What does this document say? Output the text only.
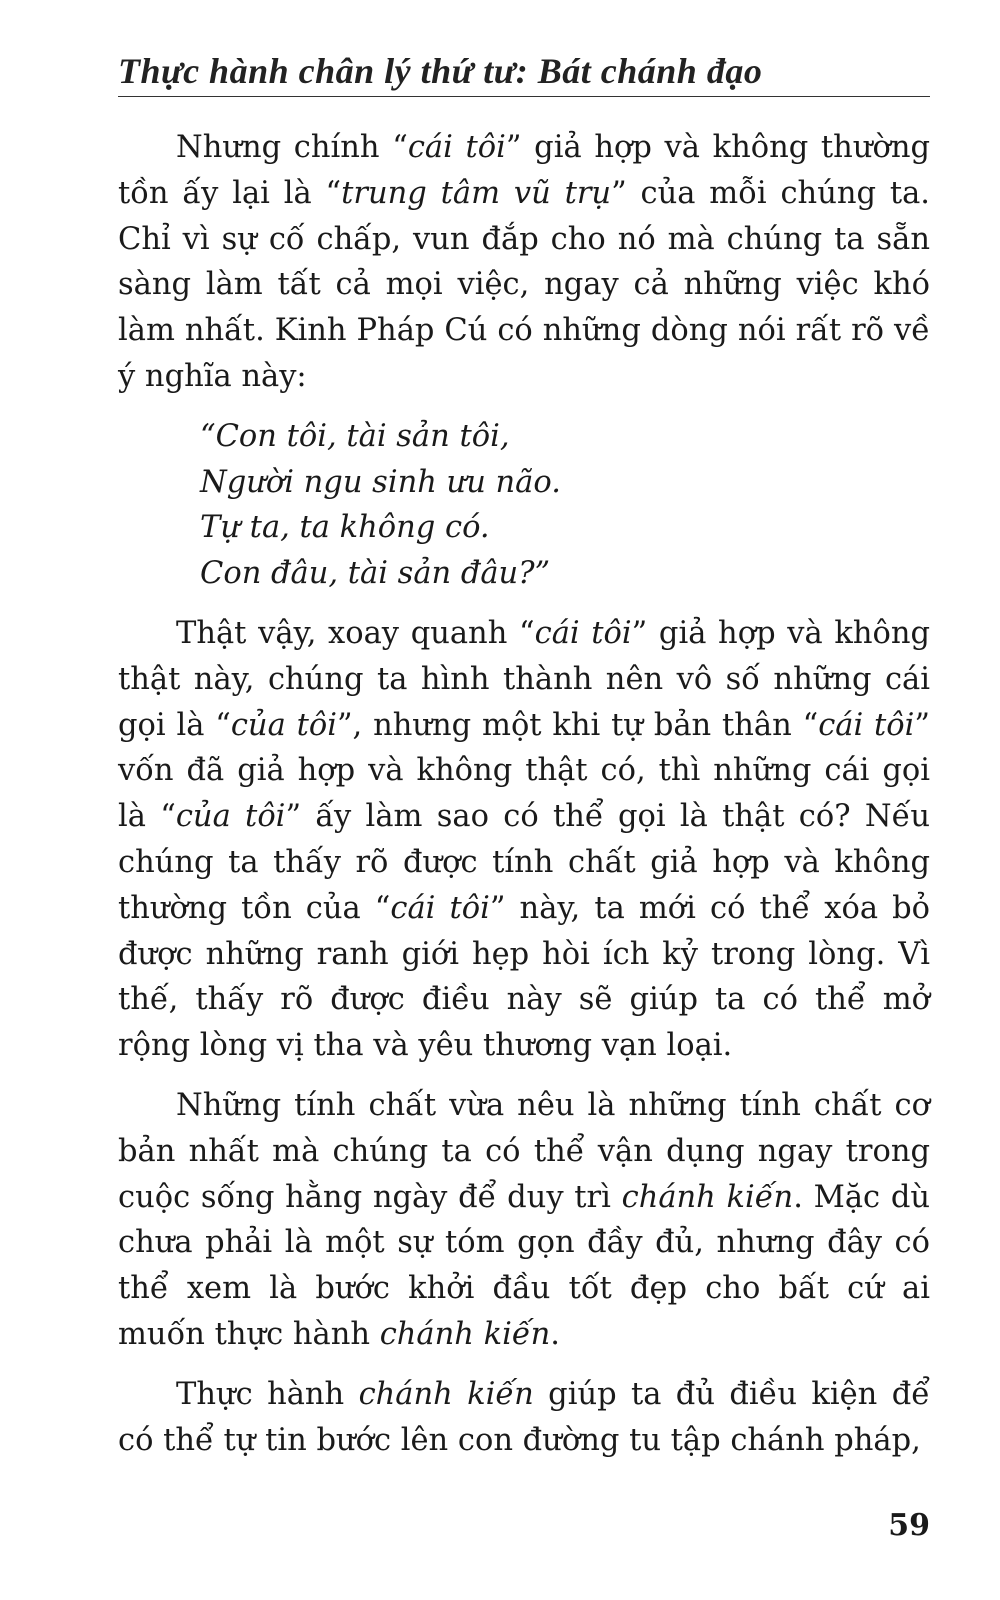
Thực hành chân lý thứ tư: Bát chánh đạo

Nhưng chính “cái tôi” giả hợp và không thường tồn ấy lại là “trung tâm vũ trụ” của mỗi chúng ta. Chỉ vì sự cố chấp, vun đắp cho nó mà chúng ta sẵn sàng làm tất cả mọi việc, ngay cả những việc khó làm nhất. Kinh Pháp Cú có những dòng nói rất rõ về ý nghĩa này:

“Con tôi, tài sản tôi,
Người ngu sinh ưu não.
Tự ta, ta không có.
Con đâu, tài sản đâu?”

Thật vậy, xoay quanh “cái tôi” giả hợp và không thật này, chúng ta hình thành nên vô số những cái gọi là “của tôi”, nhưng một khi tự bản thân “cái tôi” vốn đã giả hợp và không thật có, thì những cái gọi là “của tôi” ấy làm sao có thể gọi là thật có? Nếu chúng ta thấy rõ được tính chất giả hợp và không thường tồn của “cái tôi” này, ta mới có thể xóa bỏ được những ranh giới hẹp hòi ích kỷ trong lòng. Vì thế, thấy rõ được điều này sẽ giúp ta có thể mở rộng lòng vị tha và yêu thương vạn loại.

Những tính chất vừa nêu là những tính chất cơ bản nhất mà chúng ta có thể vận dụng ngay trong cuộc sống hằng ngày để duy trì chánh kiến. Mặc dù chưa phải là một sự tóm gọn đầy đủ, nhưng đây có thể xem là bước khởi đầu tốt đẹp cho bất cứ ai muốn thực hành chánh kiến.

Thực hành chánh kiến giúp ta đủ điều kiện để có thể tự tin bước lên con đường tu tập chánh pháp,

59
